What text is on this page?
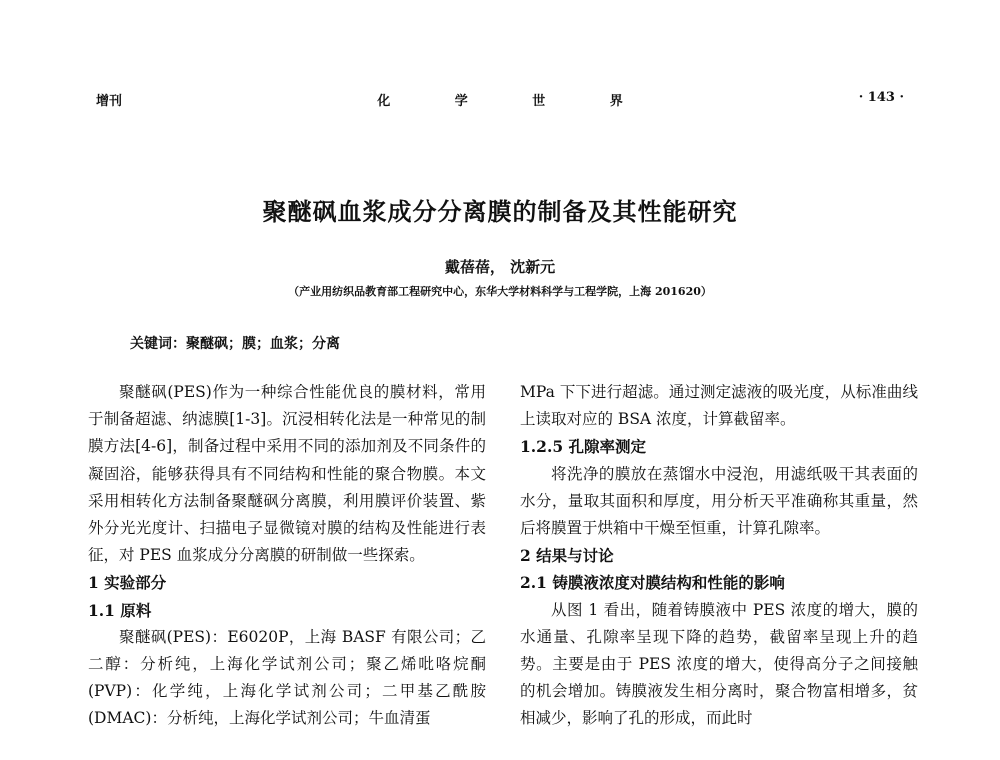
增刊	化 学 世 界	· 143 ·
聚醚砜血浆成分分离膜的制备及其性能研究
戴蓓蓓， 沈新元
（产业用纺织品教育部工程研究中心，东华大学材料科学与工程学院，上海 201620）
关键词：聚醚砜；膜；血浆；分离

聚醚砜(PES)作为一种综合性能优良的膜材料，常用于制备超滤、纳滤膜[1-3]。沉浸相转化法是一种常见的制膜方法[4-6]，制备过程中采用不同的添加剂及不同条件的凝固浴，能够获得具有不同结构和性能的聚合物膜。本文采用相转化方法制备聚醚砜分离膜，利用膜评价装置、紫外分光光度计、扫描电子显微镜对膜的结构及性能进行表征，对 PES 血浆成分分离膜的研制做一些探索。

1 实验部分
1.1 原料

聚醚砜(PES)：E6020P，上海 BASF 有限公司；乙二醇：分析纯，上海化学试剂公司；聚乙烯吡咯烷酮(PVP)：化学纯，上海化学试剂公司；二甲基乙酰胺(DMAC)：分析纯，上海化学试剂公司；牛血清蛋

MPa 下下进行超滤。通过测定滤液的吸光度，从标准曲线上读取对应的 BSA 浓度，计算截留率。

1.2.5 孔隙率测定

将洗净的膜放在蒸馏水中浸泡，用滤纸吸干其表面的水分，量取其面积和厚度，用分析天平准确称其重量，然后将膜置于烘箱中干燥至恒重，计算孔隙率。

2 结果与讨论
2.1 铸膜液浓度对膜结构和性能的影响

从图 1 看出，随着铸膜液中 PES 浓度的增大，膜的水通量、孔隙率呈现下降的趋势，截留率呈现上升的趋势。主要是由于 PES 浓度的增大，使得高分子之间接触的机会增加。铸膜液发生相分离时，聚合物富相增多，贫相减少，影响了孔的形成，而此时
